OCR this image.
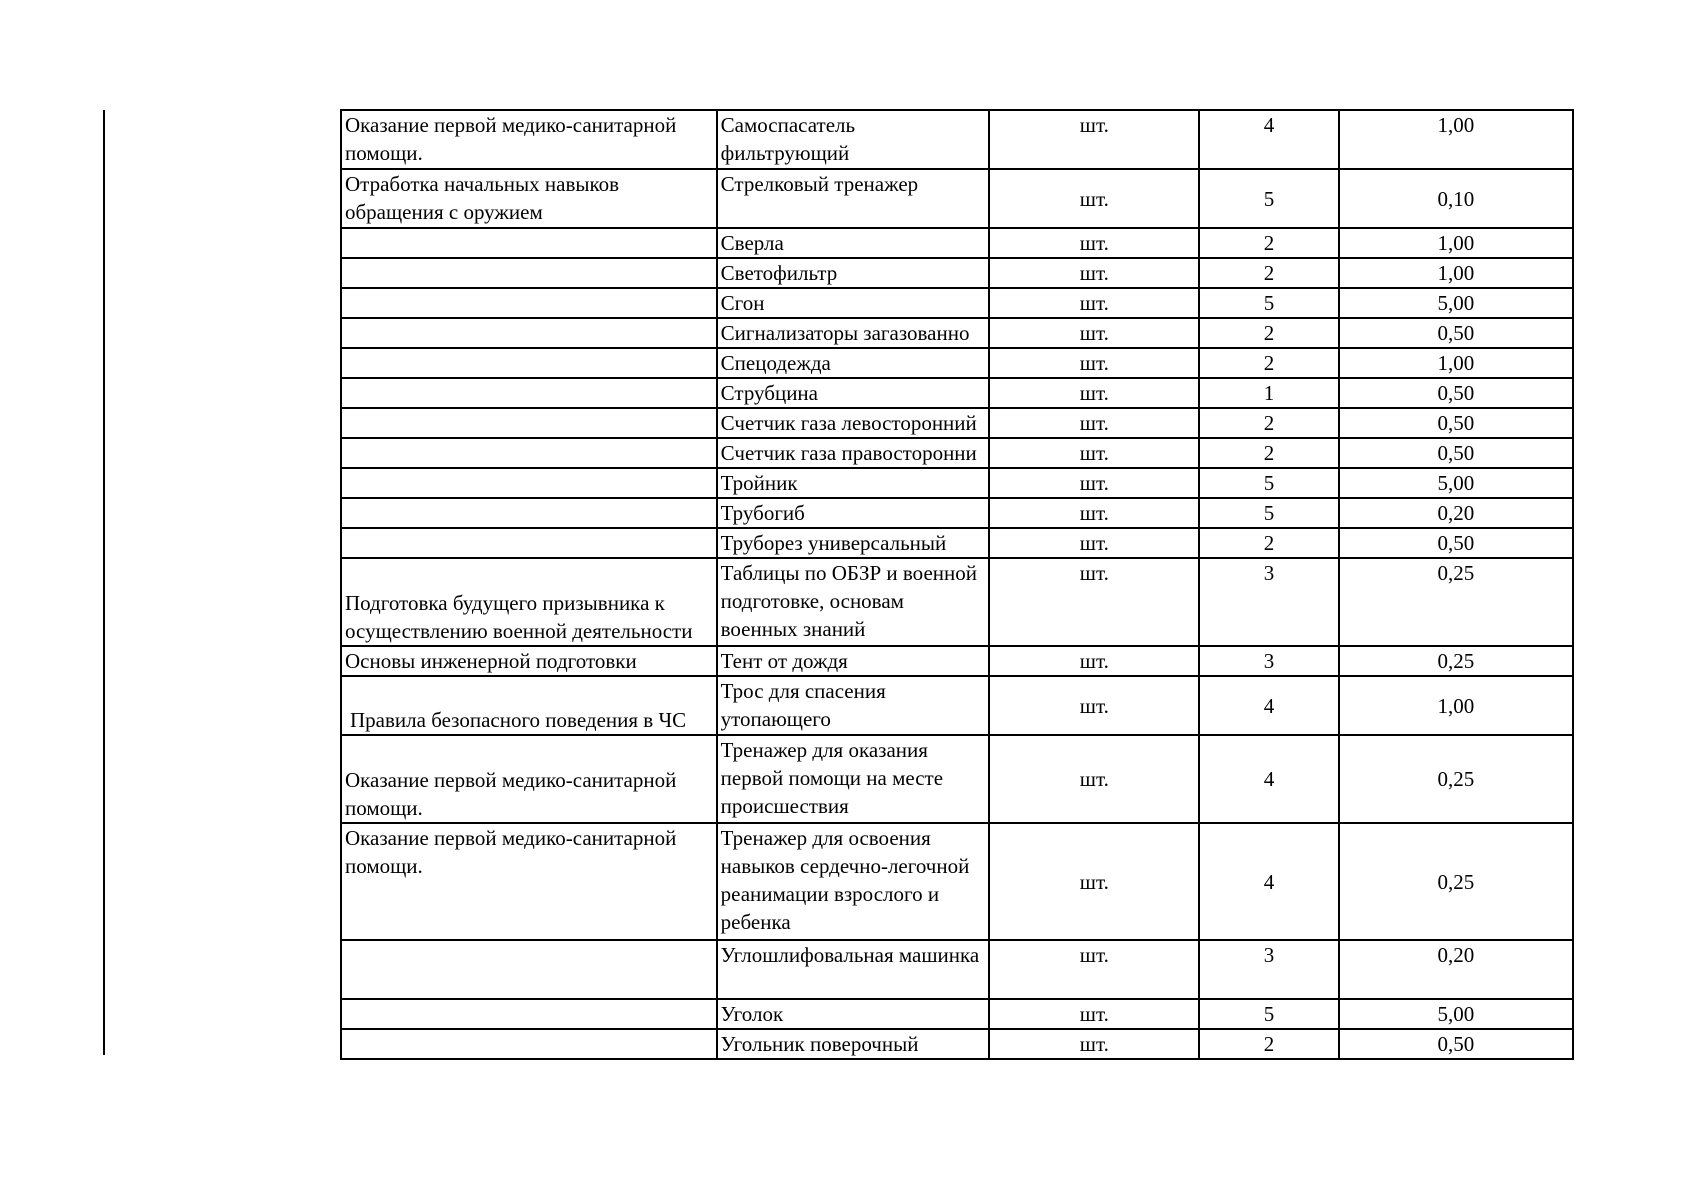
Оказание первой медико-санитарной помощи.	Самоспасатель фильтрующий	шт.	4	1,00
Отработка начальных навыков обращения с оружием	Стрелковый тренажер	шт.	5	0,10
	Сверла	шт.	2	1,00
	Светофильтр	шт.	2	1,00
	Сгон	шт.	5	5,00
	Сигнализаторы загазованно	шт.	2	0,50
	Спецодежда	шт.	2	1,00
	Струбцина	шт.	1	0,50
	Счетчик газа левосторонний	шт.	2	0,50
	Счетчик газа правосторонни	шт.	2	0,50
	Тройник	шт.	5	5,00
	Трубогиб	шт.	5	0,20
	Труборез универсальный	шт.	2	0,50
Подготовка будущего призывника к осуществлению военной деятельности	Таблицы по ОБЗР и военной подготовке, основам военных знаний	шт.	3	0,25
Основы инженерной подготовки	Тент от дождя	шт.	3	0,25
Правила безопасного поведения в ЧС	Трос для спасения утопающего	шт.	4	1,00
Оказание первой медико-санитарной помощи.	Тренажер для оказания первой помощи на месте происшествия	шт.	4	0,25
Оказание первой медико-санитарной помощи.	Тренажер для освоения навыков сердечно-легочной реанимации взрослого и ребенка	шт.	4	0,25
	Углошлифовальная машинка	шт.	3	0,20
	Уголок	шт.	5	5,00
	Угольник поверочный	шт.	2	0,50
